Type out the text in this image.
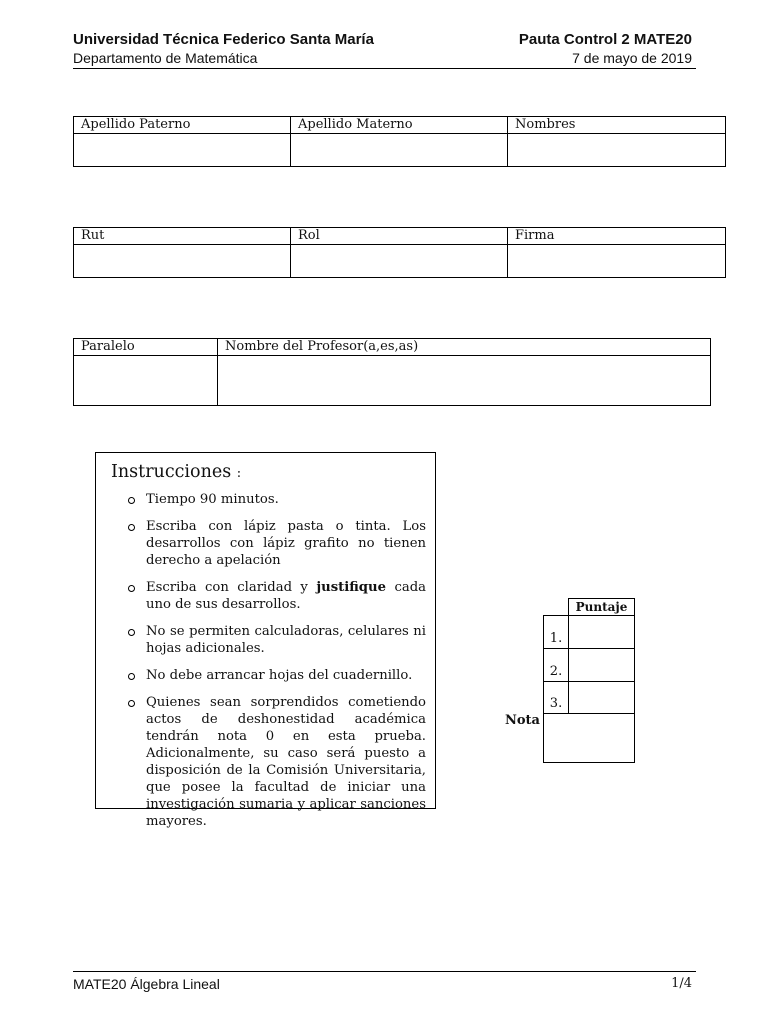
Universidad Técnica Federico Santa María	Pauta Control 2 MATE20
Departamento de Matemática	7 de mayo de 2019
Apellido Paterno	Apellido Materno	Nombres

Rut	Rol	Firma

Paralelo	Nombre del Profesor(a,es,as)

Instrucciones :
Tiempo 90 minutos.
Escriba con lápiz pasta o tinta. Los desarrollos con lápiz grafito no tienen derecho a apelación
Escriba con claridad y justifique cada uno de sus desarrollos.
No se permiten calculadoras, celulares ni hojas adicionales.
No debe arrancar hojas del cuadernillo.
Quienes sean sorprendidos cometiendo actos de deshonestidad académica tendrán nota 0 en esta prueba. Adicionalmente, su caso será puesto a disposición de la Comisión Universitaria, que posee la facultad de iniciar una investigación sumaria y aplicar sanciones mayores.
	Puntaje
1.	
2.	
3.	

Nota
MATE20 Álgebra Lineal	1/4
